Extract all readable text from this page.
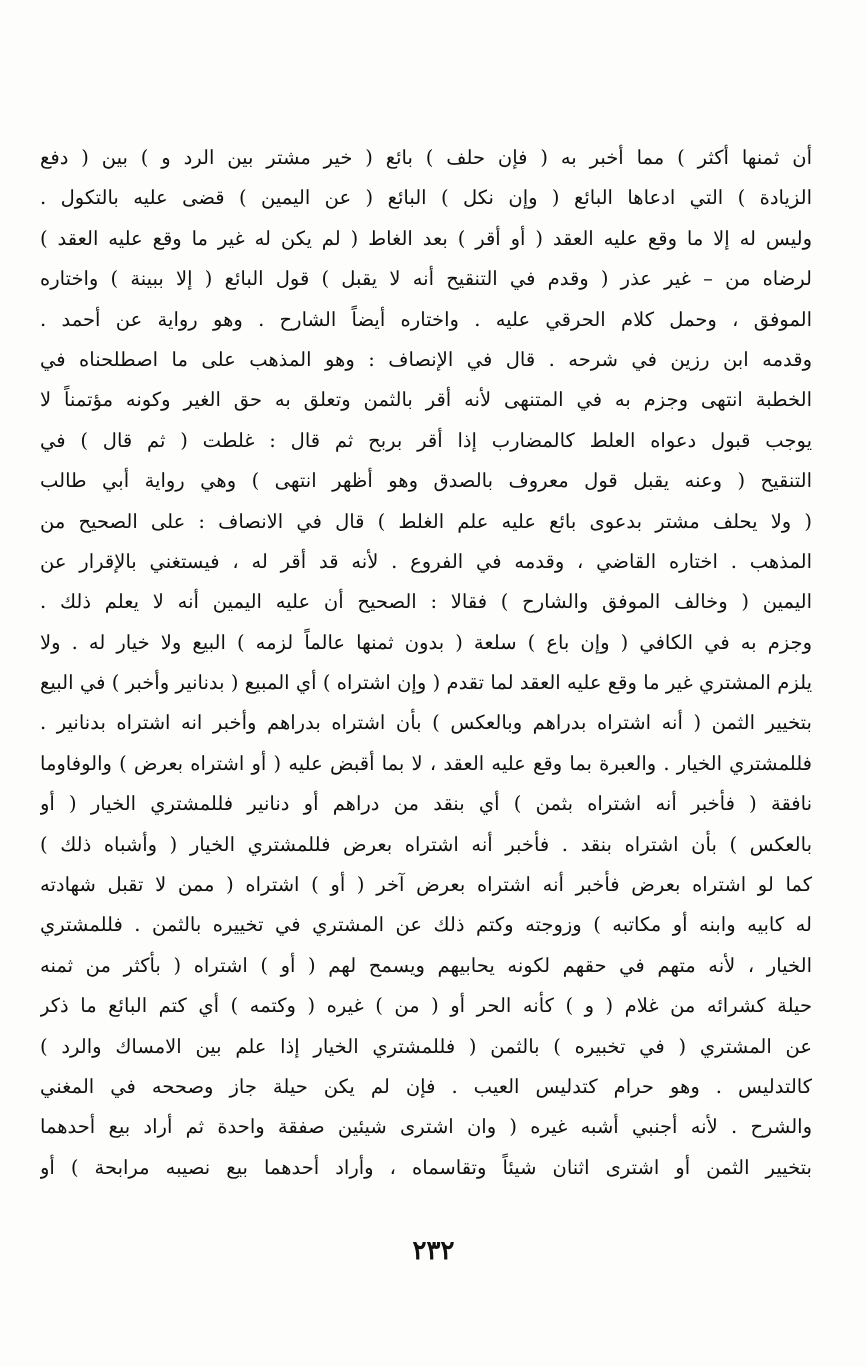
أن ثمنها أكثر ) مما أخبر به ( فإن حلف ) بائع ( خير مشتر بين الرد و ) بين ( دفع
الزيادة ) التي ادعاها البائع ( وإن نكل ) البائع ( عن اليمين ) قضى عليه بالتكول .
وليس له إلا ما وقع عليه العقد ( أو أقر ) بعد الغاط ( لم يكن له غير ما وقع عليه العقد )
لرضاه من – غير عذر ( وقدم في التنقيح أنه لا يقبل ) قول البائع ( إلا ببينة ) واختاره
الموفق ، وحمل كلام الحرقي عليه . واختاره أيضاً الشارح . وهو رواية عن أحمد .
وقدمه ابن رزين في شرحه . قال في الإنصاف : وهو المذهب على ما اصطلحناه في
الخطبة انتهى وجزم به في المتنهى لأنه أقر بالثمن وتعلق به حق الغير وكونه مؤتمناً لا
يوجب قبول دعواه العلط كالمضارب إذا أقر بربح ثم قال : غلطت ( ثم قال ) في
التنقيح ( وعنه يقبل قول معروف بالصدق وهو أظهر انتهى ) وهي رواية أبي طالب
( ولا يحلف مشتر بدعوى بائع عليه علم الغلط ) قال في الانصاف : على الصحيح من
المذهب . اختاره القاضي ، وقدمه في الفروع . لأنه قد أقر له ، فيستغني بالإقرار عن
اليمين ( وخالف الموفق والشارح ) فقالا : الصحيح أن عليه اليمين أنه لا يعلم ذلك .
وجزم به في الكافي ( وإن باع ) سلعة ( بدون ثمنها عالماً لزمه ) البيع ولا خيار له . ولا
يلزم المشتري غير ما وقع عليه العقد لما تقدم ( وإن اشتراه ) أي المبيع ( بدنانير وأخبر ) في البيع
بتخيير الثمن ( أنه اشتراه بدراهم وبالعكس ) بأن اشتراه بدراهم وأخبر انه اشتراه بدنانير .
فللمشتري الخيار . والعبرة بما وقع عليه العقد ، لا بما أقبض عليه ( أو اشتراه بعرض ) والوفاوما
نافقة ( فأخبر أنه اشتراه بثمن ) أي بنقد من دراهم أو دنانير فللمشتري الخيار ( أو
بالعكس ) بأن اشتراه بنقد . فأخبر أنه اشتراه بعرض فللمشتري الخيار ( وأشباه ذلك )
كما لو اشتراه بعرض فأخبر أنه اشتراه بعرض آخر ( أو ) اشتراه ( ممن لا تقبل شهادته
له كابيه وابنه أو مكاتبه ) وزوجته وكتم ذلك عن المشتري في تخييره بالثمن . فللمشتري
الخيار ، لأنه متهم في حقهم لكونه يحابيهم ويسمح لهم ( أو ) اشتراه ( بأكثر من ثمنه
حيلة كشرائه من غلام ( و ) كأنه الحر أو ( من ) غيره ( وكتمه ) أي كتم البائع ما ذكر
عن المشتري ( في تخبيره ) بالثمن ( فللمشتري الخيار إذا علم بين الامساك والرد )
كالتدليس . وهو حرام كتدليس العيب . فإن لم يكن حيلة جاز وصححه في المغني
والشرح . لأنه أجنبي أشبه غيره ( وان اشترى شيئين صفقة واحدة ثم أراد بيع أحدهما
بتخيير الثمن أو اشترى اثنان شيئاً وتقاسماه ، وأراد أحدهما بيع نصيبه مرابحة ) أو
٢٣٢
